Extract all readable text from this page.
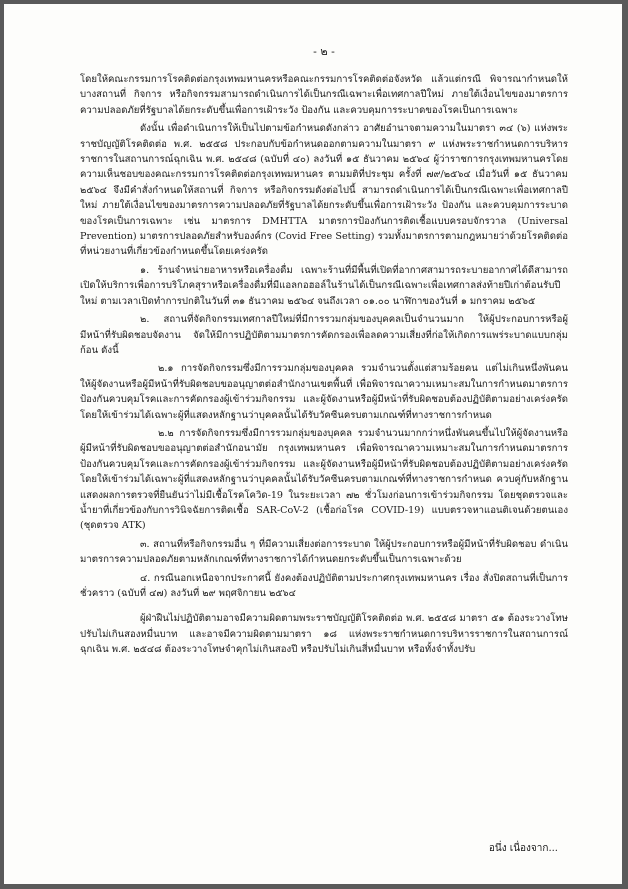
- ๒ -

โดยให้คณะกรรมการโรคติดต่อกรุงเทพมหานครหรือคณะกรรมการโรคติดต่อจังหวัด แล้วแต่กรณี พิจารณากำหนดให้บางสถานที่ กิจการ หรือกิจกรรมสามารถดำเนินการได้เป็นกรณีเฉพาะเพื่อเทศกาลปีใหม่ ภายใต้เงื่อนไขของมาตรการความปลอดภัยที่รัฐบาลได้ยกระดับขึ้นเพื่อการเฝ้าระวัง ป้องกัน และควบคุมการระบาดของโรคเป็นการเฉพาะ

ดังนั้น เพื่อดำเนินการให้เป็นไปตามข้อกำหนดดังกล่าว อาศัยอำนาจตามความในมาตรา ๓๔ (๖) แห่งพระราชบัญญัติโรคติดต่อ พ.ศ. ๒๕๕๘ ประกอบกับข้อกำหนดออกตามความในมาตรา ๙ แห่งพระราชกำหนดการบริหารราชการในสถานการณ์ฉุกเฉิน พ.ศ. ๒๕๔๘ (ฉบับที่ ๔๐) ลงวันที่ ๑๕ ธันวาคม ๒๕๖๔ ผู้ว่าราชการกรุงเทพมหานครโดยความเห็นชอบของคณะกรรมการโรคติดต่อกรุงเทพมหานคร ตามมติที่ประชุม ครั้งที่ ๗๙/๒๕๖๔ เมื่อวันที่ ๑๕ ธันวาคม ๒๕๖๔ จึงมีคำสั่งกำหนดให้สถานที่ กิจการ หรือกิจกรรมดังต่อไปนี้ สามารถดำเนินการได้เป็นกรณีเฉพาะเพื่อเทศกาลปีใหม่ ภายใต้เงื่อนไขของมาตรการความปลอดภัยที่รัฐบาลได้ยกระดับขึ้นเพื่อการเฝ้าระวัง ป้องกัน และควบคุมการระบาดของโรคเป็นการเฉพาะ เช่น มาตรการ DMHTTA มาตรการป้องกันการติดเชื้อแบบครอบจักรวาล (Universal Prevention) มาตรการปลอดภัยสำหรับองค์กร (Covid Free Setting) รวมทั้งมาตรการตามกฎหมายว่าด้วยโรคติดต่อที่หน่วยงานที่เกี่ยวข้องกำหนดขึ้นโดยเคร่งครัด

๑. ร้านจำหน่ายอาหารหรือเครื่องดื่ม เฉพาะร้านที่มีพื้นที่เปิดที่อากาศสามารถระบายอากาศได้ดีสามารถเปิดให้บริการเพื่อการบริโภคสุราหรือเครื่องดื่มที่มีแอลกอฮอล์ในร้านได้เป็นกรณีเฉพาะเพื่อเทศกาลส่งท้ายปีเก่าต้อนรับปีใหม่ ตามเวลาเปิดทำการปกติในวันที่ ๓๑ ธันวาคม ๒๕๖๔ จนถึงเวลา ๐๑.๐๐ นาฬิกาของวันที่ ๑ มกราคม ๒๕๖๕

๒. สถานที่จัดกิจกรรมเทศกาลปีใหม่ที่มีการรวมกลุ่มของบุคคลเป็นจำนวนมาก ให้ผู้ประกอบการหรือผู้มีหน้าที่รับผิดชอบจัดงาน จัดให้มีการปฏิบัติตามมาตรการคัดกรองเพื่อลดความเสี่ยงที่ก่อให้เกิดการแพร่ระบาดแบบกลุ่มก้อน ดังนี้

๒.๑ การจัดกิจกรรมซึ่งมีการรวมกลุ่มของบุคคล รวมจำนวนตั้งแต่สามร้อยคน แต่ไม่เกินหนึ่งพันคน ให้ผู้จัดงานหรือผู้มีหน้าที่รับผิดชอบขออนุญาตต่อสำนักงานเขตพื้นที่ เพื่อพิจารณาความเหมาะสมในการกำหนดมาตรการป้องกันควบคุมโรคและการคัดกรองผู้เข้าร่วมกิจกรรม และผู้จัดงานหรือผู้มีหน้าที่รับผิดชอบต้องปฏิบัติตามอย่างเคร่งครัด โดยให้เข้าร่วมได้เฉพาะผู้ที่แสดงหลักฐานว่าบุคคลนั้นได้รับวัคซีนครบตามเกณฑ์ที่ทางราชการกำหนด

๒.๒ การจัดกิจกรรมซึ่งมีการรวมกลุ่มของบุคคล รวมจำนวนมากกว่าหนึ่งพันคนขึ้นไปให้ผู้จัดงานหรือผู้มีหน้าที่รับผิดชอบขออนุญาตต่อสำนักอนามัย กรุงเทพมหานคร เพื่อพิจารณาความเหมาะสมในการกำหนดมาตรการป้องกันควบคุมโรคและการคัดกรองผู้เข้าร่วมกิจกรรม และผู้จัดงานหรือผู้มีหน้าที่รับผิดชอบต้องปฏิบัติตามอย่างเคร่งครัด โดยให้เข้าร่วมได้เฉพาะผู้ที่แสดงหลักฐานว่าบุคคลนั้นได้รับวัคซีนครบตามเกณฑ์ที่ทางราชการกำหนด ควบคู่กับหลักฐานแสดงผลการตรวจที่ยืนยันว่าไม่มีเชื้อโรคโควิด-19 ในระยะเวลา ๗๒ ชั่วโมงก่อนการเข้าร่วมกิจกรรม โดยชุดตรวจและน้ำยาที่เกี่ยวข้องกับการวินิจฉัยการติดเชื้อ SAR-CoV-2 (เชื้อก่อโรค COVID-19) แบบตรวจหาแอนติเจนด้วยตนเอง (ชุดตรวจ ATK)

๓. สถานที่หรือกิจกรรมอื่น ๆ ที่มีความเสี่ยงต่อการระบาด ให้ผู้ประกอบการหรือผู้มีหน้าที่รับผิดชอบ ดำเนินมาตรการความปลอดภัยตามหลักเกณฑ์ที่ทางราชการได้กำหนดยกระดับขึ้นเป็นการเฉพาะด้วย

๔. กรณีนอกเหนือจากประกาศนี้ ยังคงต้องปฏิบัติตามประกาศกรุงเทพมหานคร เรื่อง สั่งปิดสถานที่เป็นการชั่วคราว (ฉบับที่ ๔๗) ลงวันที่ ๒๙ พฤศจิกายน ๒๕๖๔

ผู้ฝ่าฝืนไม่ปฏิบัติตามอาจมีความผิดตามพระราชบัญญัติโรคติดต่อ พ.ศ. ๒๕๕๘ มาตรา ๕๑ ต้องระวางโทษปรับไม่เกินสองหมื่นบาท และอาจมีความผิดตามมาตรา ๑๘ แห่งพระราชกำหนดการบริหารราชการในสถานการณ์ฉุกเฉิน พ.ศ. ๒๕๔๘ ต้องระวางโทษจำคุกไม่เกินสองปี หรือปรับไม่เกินสี่หมื่นบาท หรือทั้งจำทั้งปรับ

อนึ่ง เนื่องจาก...
